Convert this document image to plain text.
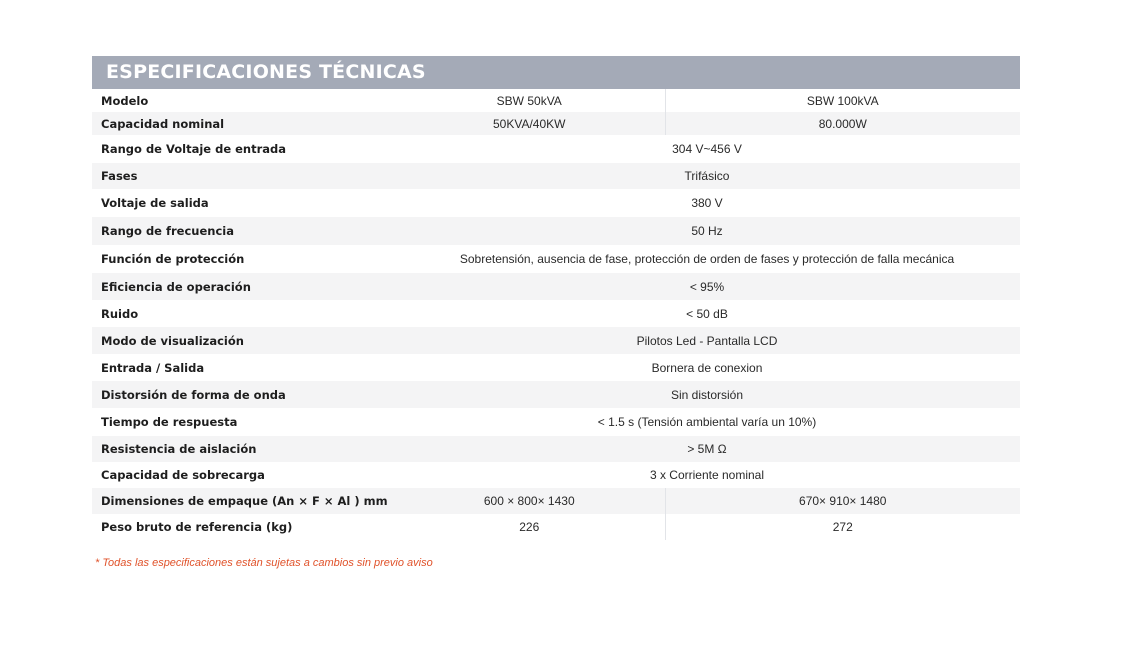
ESPECIFICACIONES TÉCNICAS
Modelo	SBW 50kVA	SBW 100kVA
Capacidad nominal	50KVA/40KW	80.000W
Rango de Voltaje de entrada	304 V~456 V	
Fases	Trifásico	
Voltaje de salida	380 V	
Rango de frecuencia	50 Hz	
Función de protección	Sobretensión, ausencia de fase, protección de orden de fases y protección de falla mecánica	
Eficiencia de operación	< 95%	
Ruido	< 50 dB	
Modo de visualización	Pilotos Led - Pantalla LCD	
Entrada / Salida	Bornera de conexion	
Distorsión de forma de onda	Sin distorsión	
Tiempo de respuesta	< 1.5 s (Tensión ambiental varía un 10%)	
Resistencia de aislación	> 5M Ω	
Capacidad de sobrecarga	3 x Corriente nominal	
Dimensiones de empaque (An × F × Al ) mm	600 × 800× 1430	670× 910× 1480
Peso bruto de referencia (kg)	226	272
* Todas las especificaciones están sujetas a cambios sin previo aviso
